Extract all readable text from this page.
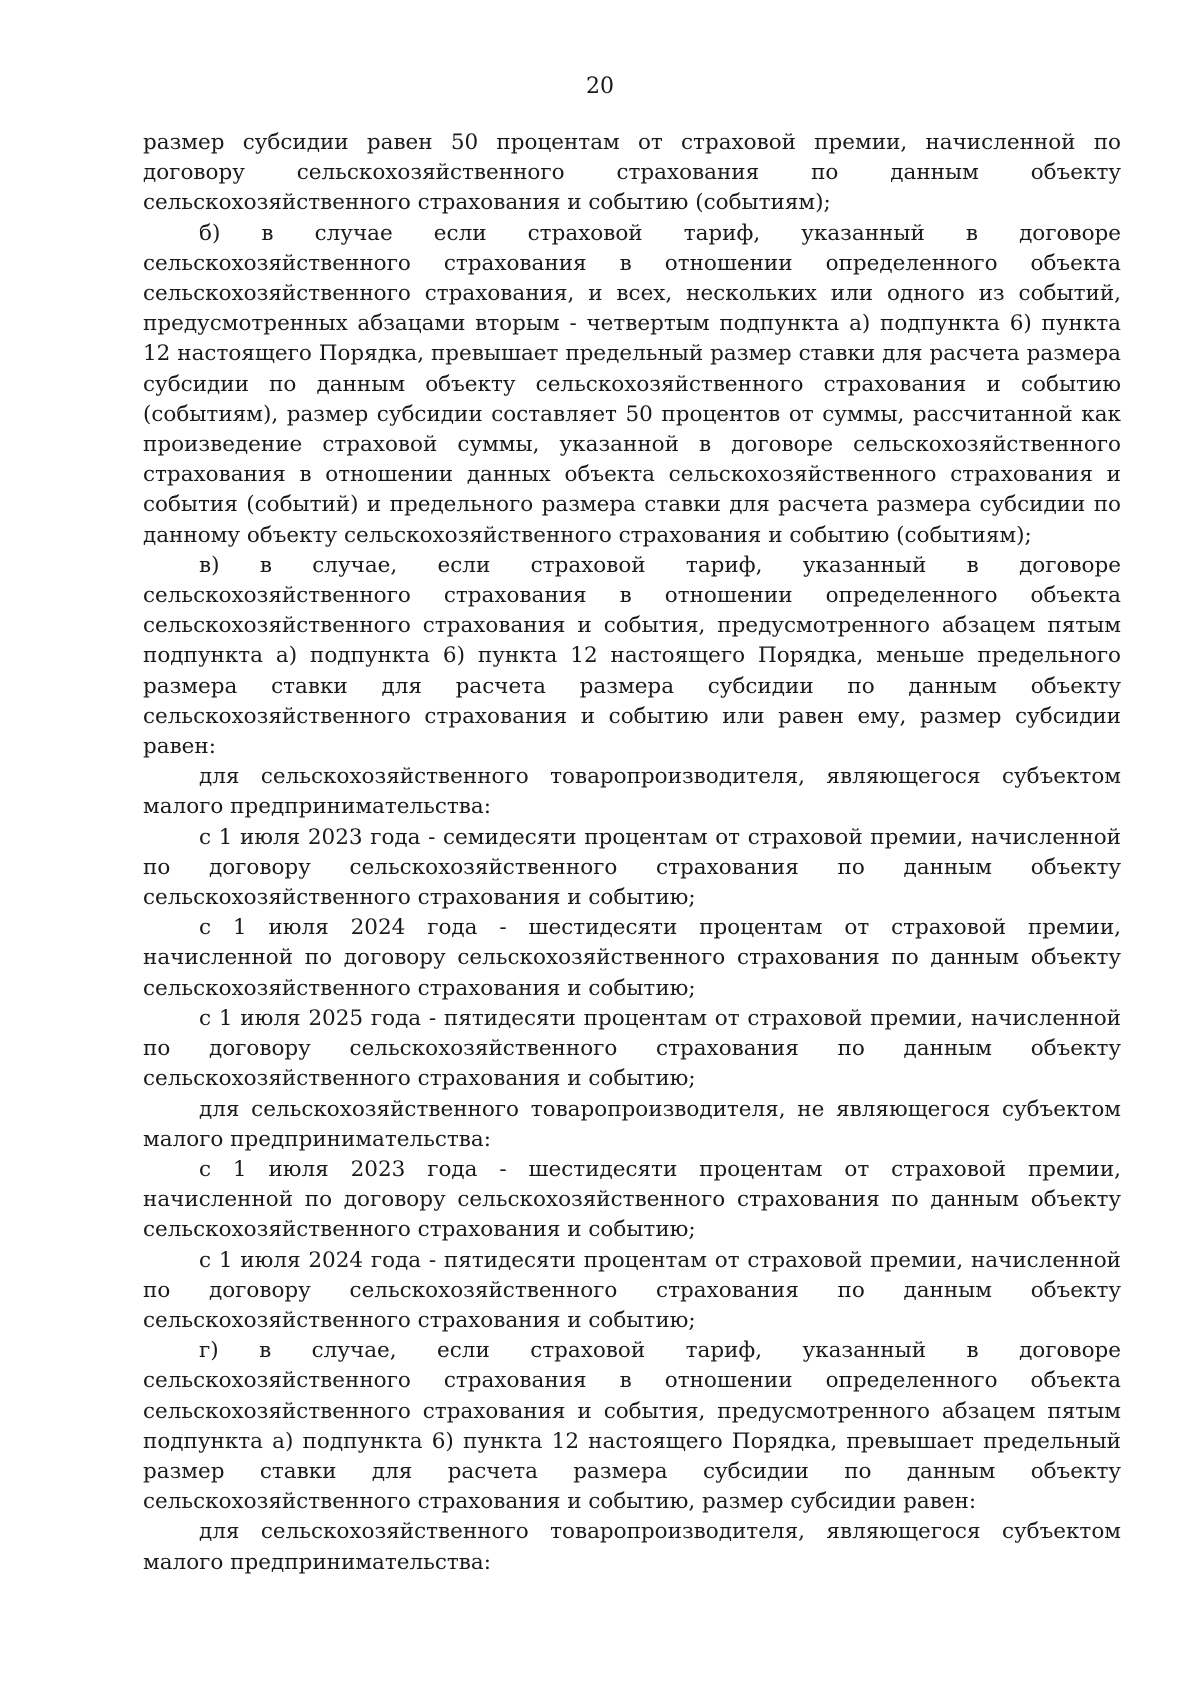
20

размер субсидии равен 50 процентам от страховой премии, начисленной по договору сельскохозяйственного страхования по данным объекту сельскохозяйственного страхования и событию (событиям);

б) в случае если страховой тариф, указанный в договоре сельскохозяйственного страхования в отношении определенного объекта сельскохозяйственного страхования, и всех, нескольких или одного из событий, предусмотренных абзацами вторым - четвертым подпункта а) подпункта 6) пункта 12 настоящего Порядка, превышает предельный размер ставки для расчета размера субсидии по данным объекту сельскохозяйственного страхования и событию (событиям), размер субсидии составляет 50 процентов от суммы, рассчитанной как произведение страховой суммы, указанной в договоре сельскохозяйственного страхования в отношении данных объекта сельскохозяйственного страхования и события (событий) и предельного размера ставки для расчета размера субсидии по данному объекту сельскохозяйственного страхования и событию (событиям);

в) в случае, если страховой тариф, указанный в договоре сельскохозяйственного страхования в отношении определенного объекта сельскохозяйственного страхования и события, предусмотренного абзацем пятым подпункта а) подпункта 6) пункта 12 настоящего Порядка, меньше предельного размера ставки для расчета размера субсидии по данным объекту сельскохозяйственного страхования и событию или равен ему, размер субсидии равен:

для сельскохозяйственного товаропроизводителя, являющегося субъектом малого предпринимательства:

с 1 июля 2023 года - семидесяти процентам от страховой премии, начисленной по договору сельскохозяйственного страхования по данным объекту сельскохозяйственного страхования и событию;

с 1 июля 2024 года - шестидесяти процентам от страховой премии, начисленной по договору сельскохозяйственного страхования по данным объекту сельскохозяйственного страхования и событию;

с 1 июля 2025 года - пятидесяти процентам от страховой премии, начисленной по договору сельскохозяйственного страхования по данным объекту сельскохозяйственного страхования и событию;

для сельскохозяйственного товаропроизводителя, не являющегося субъектом малого предпринимательства:

с 1 июля 2023 года - шестидесяти процентам от страховой премии, начисленной по договору сельскохозяйственного страхования по данным объекту сельскохозяйственного страхования и событию;

с 1 июля 2024 года - пятидесяти процентам от страховой премии, начисленной по договору сельскохозяйственного страхования по данным объекту сельскохозяйственного страхования и событию;

г) в случае, если страховой тариф, указанный в договоре сельскохозяйственного страхования в отношении определенного объекта сельскохозяйственного страхования и события, предусмотренного абзацем пятым подпункта а) подпункта 6) пункта 12 настоящего Порядка, превышает предельный размер ставки для расчета размера субсидии по данным объекту сельскохозяйственного страхования и событию, размер субсидии равен:

для сельскохозяйственного товаропроизводителя, являющегося субъектом малого предпринимательства:
